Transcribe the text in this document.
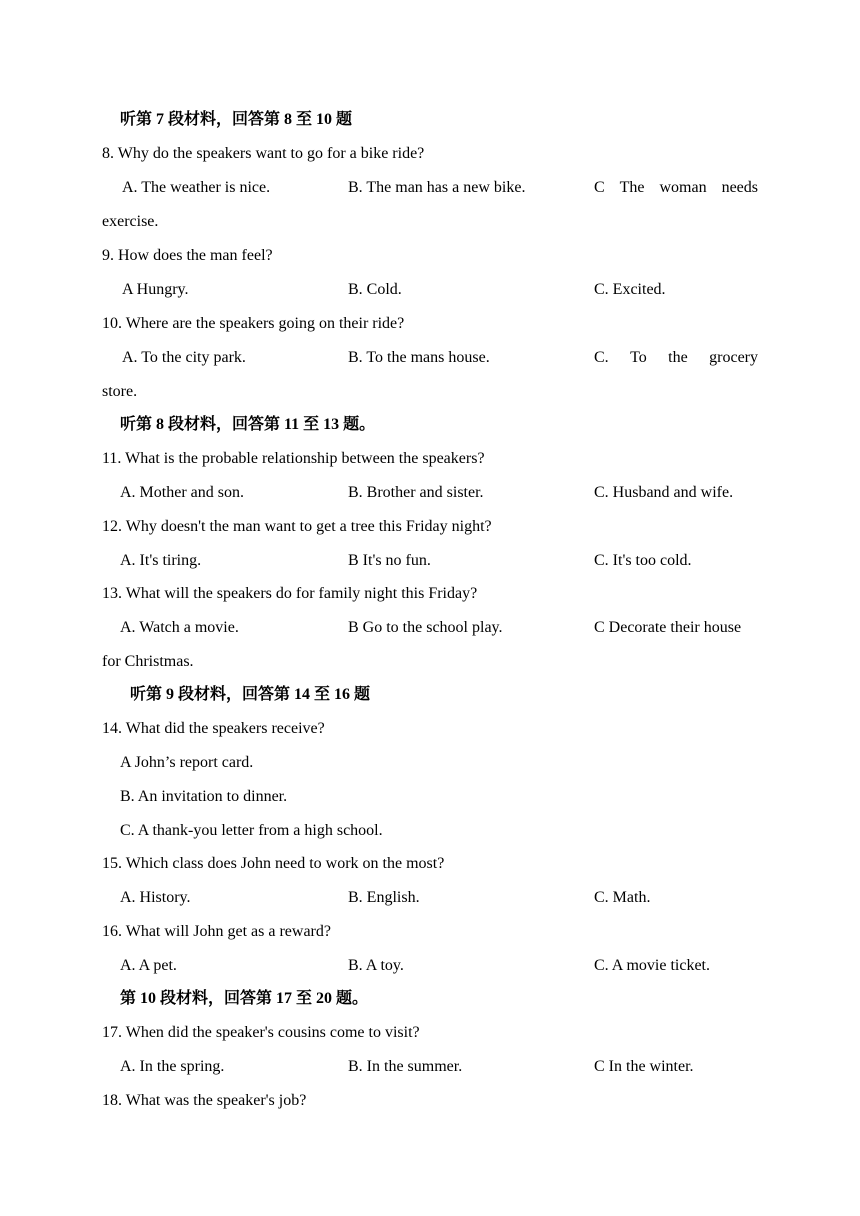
听第 7 段材料，回答第 8 至 10 题
8. Why do the speakers want to go for a bike ride?
A. The weather is nice.	B. The man has a new bike.	C The woman needs
exercise.
9. How does the man feel?
A Hungry.	B. Cold.	C. Excited.
10. Where are the speakers going on their ride?
A. To the city park.	B. To the mans house.	C. To the grocery
store.
听第 8 段材料，回答第 11 至 13 题。
11. What is the probable relationship between the speakers?
A. Mother and son.	B. Brother and sister.	C. Husband and wife.
12. Why doesn't the man want to get a tree this Friday night?
A. It's tiring.	B It's no fun.	C. It's too cold.
13. What will the speakers do for family night this Friday?
A. Watch a movie.	B Go to the school play.	C Decorate their house
for Christmas.
听第 9 段材料，回答第 14 至 16 题
14. What did the speakers receive?
A John’s report card.
B. An invitation to dinner.
C. A thank-you letter from a high school.
15. Which class does John need to work on the most?
A. History.	B. English.	C. Math.
16. What will John get as a reward?
A. A pet.	B. A toy.	C. A movie ticket.
第 10 段材料，回答第 17 至 20 题。
17. When did the speaker's cousins come to visit?
A. In the spring.	B. In the summer.	C In the winter.
18. What was the speaker's job?
